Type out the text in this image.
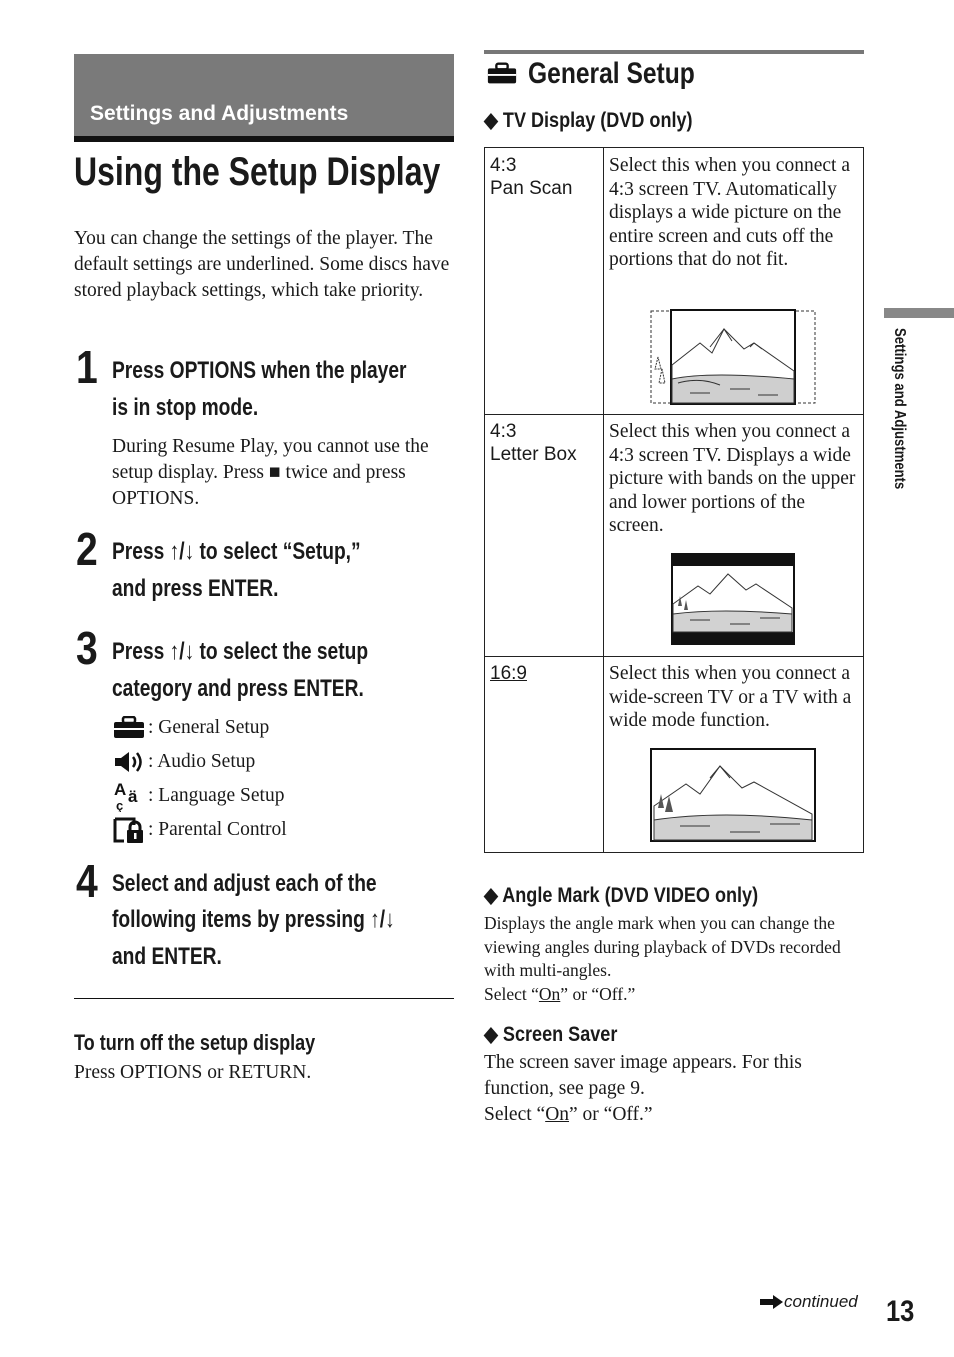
Settings and Adjustments
Using the Setup Display
You can change the settings of the player. The default settings are underlined. Some discs have stored playback settings, which take priority.
1 Press OPTIONS when the player
is in stop mode.
During Resume Play, you cannot use the setup display. Press ■ twice and press OPTIONS.
2 Press ↑/↓ to select “Setup,”
and press ENTER.
3 Press ↑/↓ to select the setup
category and press ENTER.
: General Setup
: Audio Setup
A ä
ç : Language Setup
: Parental Control
4 Select and adjust each of the
following items by pressing ↑/↓
and ENTER.
To turn off the setup display
Press OPTIONS or RETURN.
General Setup
◆ TV Display (DVD only)
4:3
Pan Scan
Select this when you connect a 4:3 screen TV. Automatically displays a wide picture on the entire screen and cuts off the portions that do not fit.
4:3
Letter Box
Select this when you connect a 4:3 screen TV. Displays a wide picture with bands on the upper and lower portions of the screen.
16:9	Select this when you connect a wide-screen TV or a TV with a wide mode function.
◆ Angle Mark (DVD VIDEO only)
Displays the angle mark when you can change the viewing angles during playback of DVDs recorded with multi-angles.
Select “On” or “Off.”
◆ Screen Saver
The screen saver image appears. For this function, see page 9.
Select “On” or “Off.”
Settings and Adjustments
continued 13
